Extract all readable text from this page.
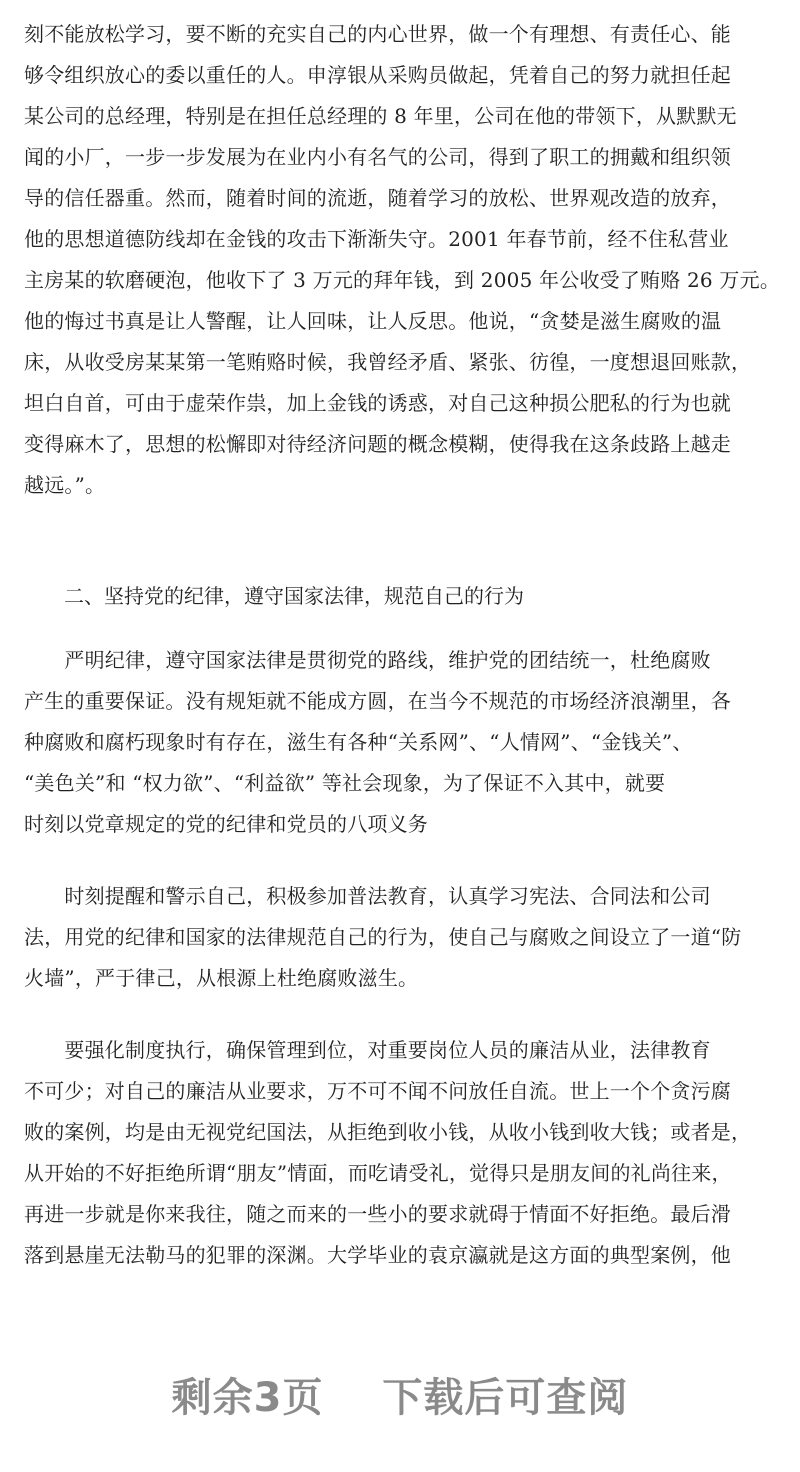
刻不能放松学习，要不断的充实自己的内心世界，做一个有理想、有责任心、能

够令组织放心的委以重任的人。申淳银从采购员做起，凭着自己的努力就担任起

某公司的总经理，特别是在担任总经理的 8 年里，公司在他的带领下，从默默无

闻的小厂，一步一步发展为在业内小有名气的公司，得到了职工的拥戴和组织领

导的信任器重。然而，随着时间的流逝，随着学习的放松、世界观改造的放弃，

他的思想道德防线却在金钱的攻击下渐渐失守。2001 年春节前，经不住私营业

主房某的软磨硬泡，他收下了 3 万元的拜年钱，到 2005 年公收受了贿赂 26 万元。

他的悔过书真是让人警醒，让人回味，让人反思。他说，“贪婪是滋生腐败的温

床，从收受房某某第一笔贿赂时候，我曾经矛盾、紧张、彷徨，一度想退回账款，

坦白自首，可由于虚荣作祟，加上金钱的诱惑，对自己这种损公肥私的行为也就

变得麻木了，思想的松懈即对待经济问题的概念模糊，使得我在这条歧路上越走

越远。”。

　　二、坚持党的纪律，遵守国家法律，规范自己的行为

　　严明纪律，遵守国家法律是贯彻党的路线，维护党的团结统一，杜绝腐败

产生的重要保证。没有规矩就不能成方圆，在当今不规范的市场经济浪潮里，各

种腐败和腐朽现象时有存在，滋生有各种“关系网”、“人情网”、“金钱关”、

“美色关”和 “权力欲”、“利益欲” 等社会现象，为了保证不入其中，就要

时刻以党章规定的党的纪律和党员的八项义务

　　时刻提醒和警示自己，积极参加普法教育，认真学习宪法、合同法和公司

法，用党的纪律和国家的法律规范自己的行为，使自己与腐败之间设立了一道“防

火墙”，严于律己，从根源上杜绝腐败滋生。

　　要强化制度执行，确保管理到位，对重要岗位人员的廉洁从业，法律教育

不可少；对自己的廉洁从业要求，万不可不闻不问放任自流。世上一个个贪污腐

败的案例，均是由无视党纪国法，从拒绝到收小钱，从收小钱到收大钱；或者是，

从开始的不好拒绝所谓“朋友”情面，而吃请受礼，觉得只是朋友间的礼尚往来，

再进一步就是你来我往，随之而来的一些小的要求就碍于情面不好拒绝。最后滑

落到悬崖无法勒马的犯罪的深渊。大学毕业的袁京瀛就是这方面的典型案例，他

剩余3页 下载后可查阅
